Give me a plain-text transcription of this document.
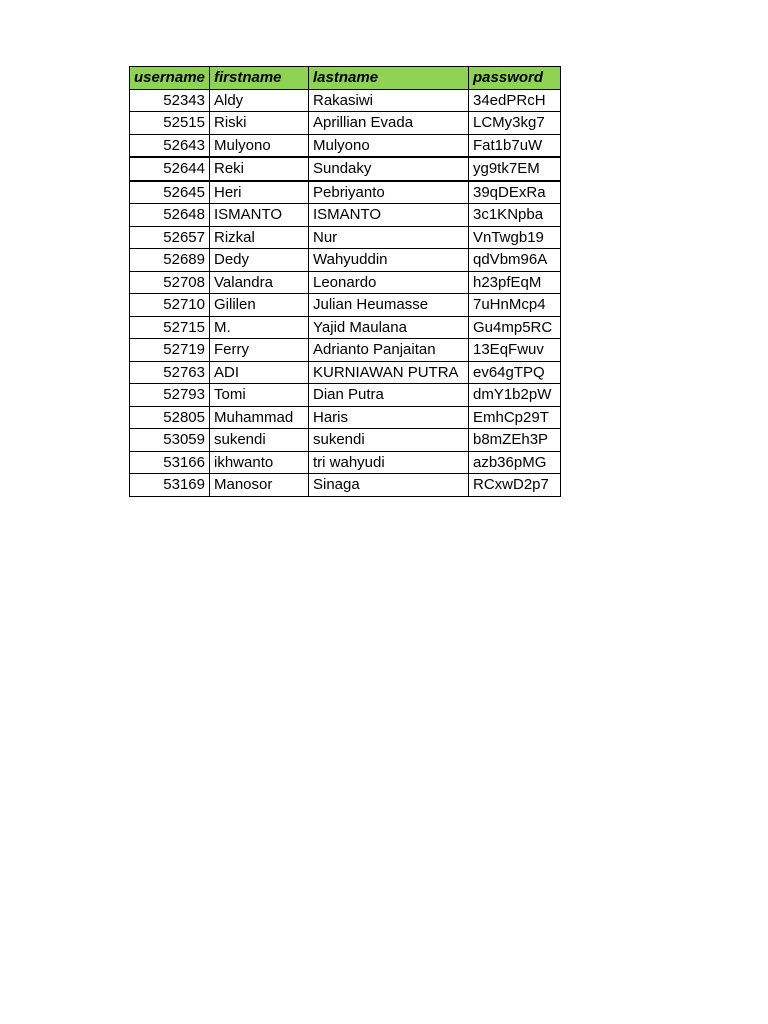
username	firstname	lastname	password
52343	Aldy	Rakasiwi	34edPRcH
52515	Riski	Aprillian Evada	LCMy3kg7
52643	Mulyono	Mulyono	Fat1b7uW
52644	Reki	Sundaky	yg9tk7EM
52645	Heri	Pebriyanto	39qDExRa
52648	ISMANTO	ISMANTO	3c1KNpba
52657	Rizkal	Nur	VnTwgb19
52689	Dedy	Wahyuddin	qdVbm96A
52708	Valandra	Leonardo	h23pfEqM
52710	Gililen	Julian Heumasse	7uHnMcp4
52715	M.	Yajid Maulana	Gu4mp5RC
52719	Ferry	Adrianto Panjaitan	13EqFwuv
52763	ADI	KURNIAWAN PUTRA	ev64gTPQ
52793	Tomi	Dian Putra	dmY1b2pW
52805	Muhammad	Haris	EmhCp29T
53059	sukendi	sukendi	b8mZEh3P
53166	ikhwanto	tri wahyudi	azb36pMG
53169	Manosor	Sinaga	RCxwD2p7
